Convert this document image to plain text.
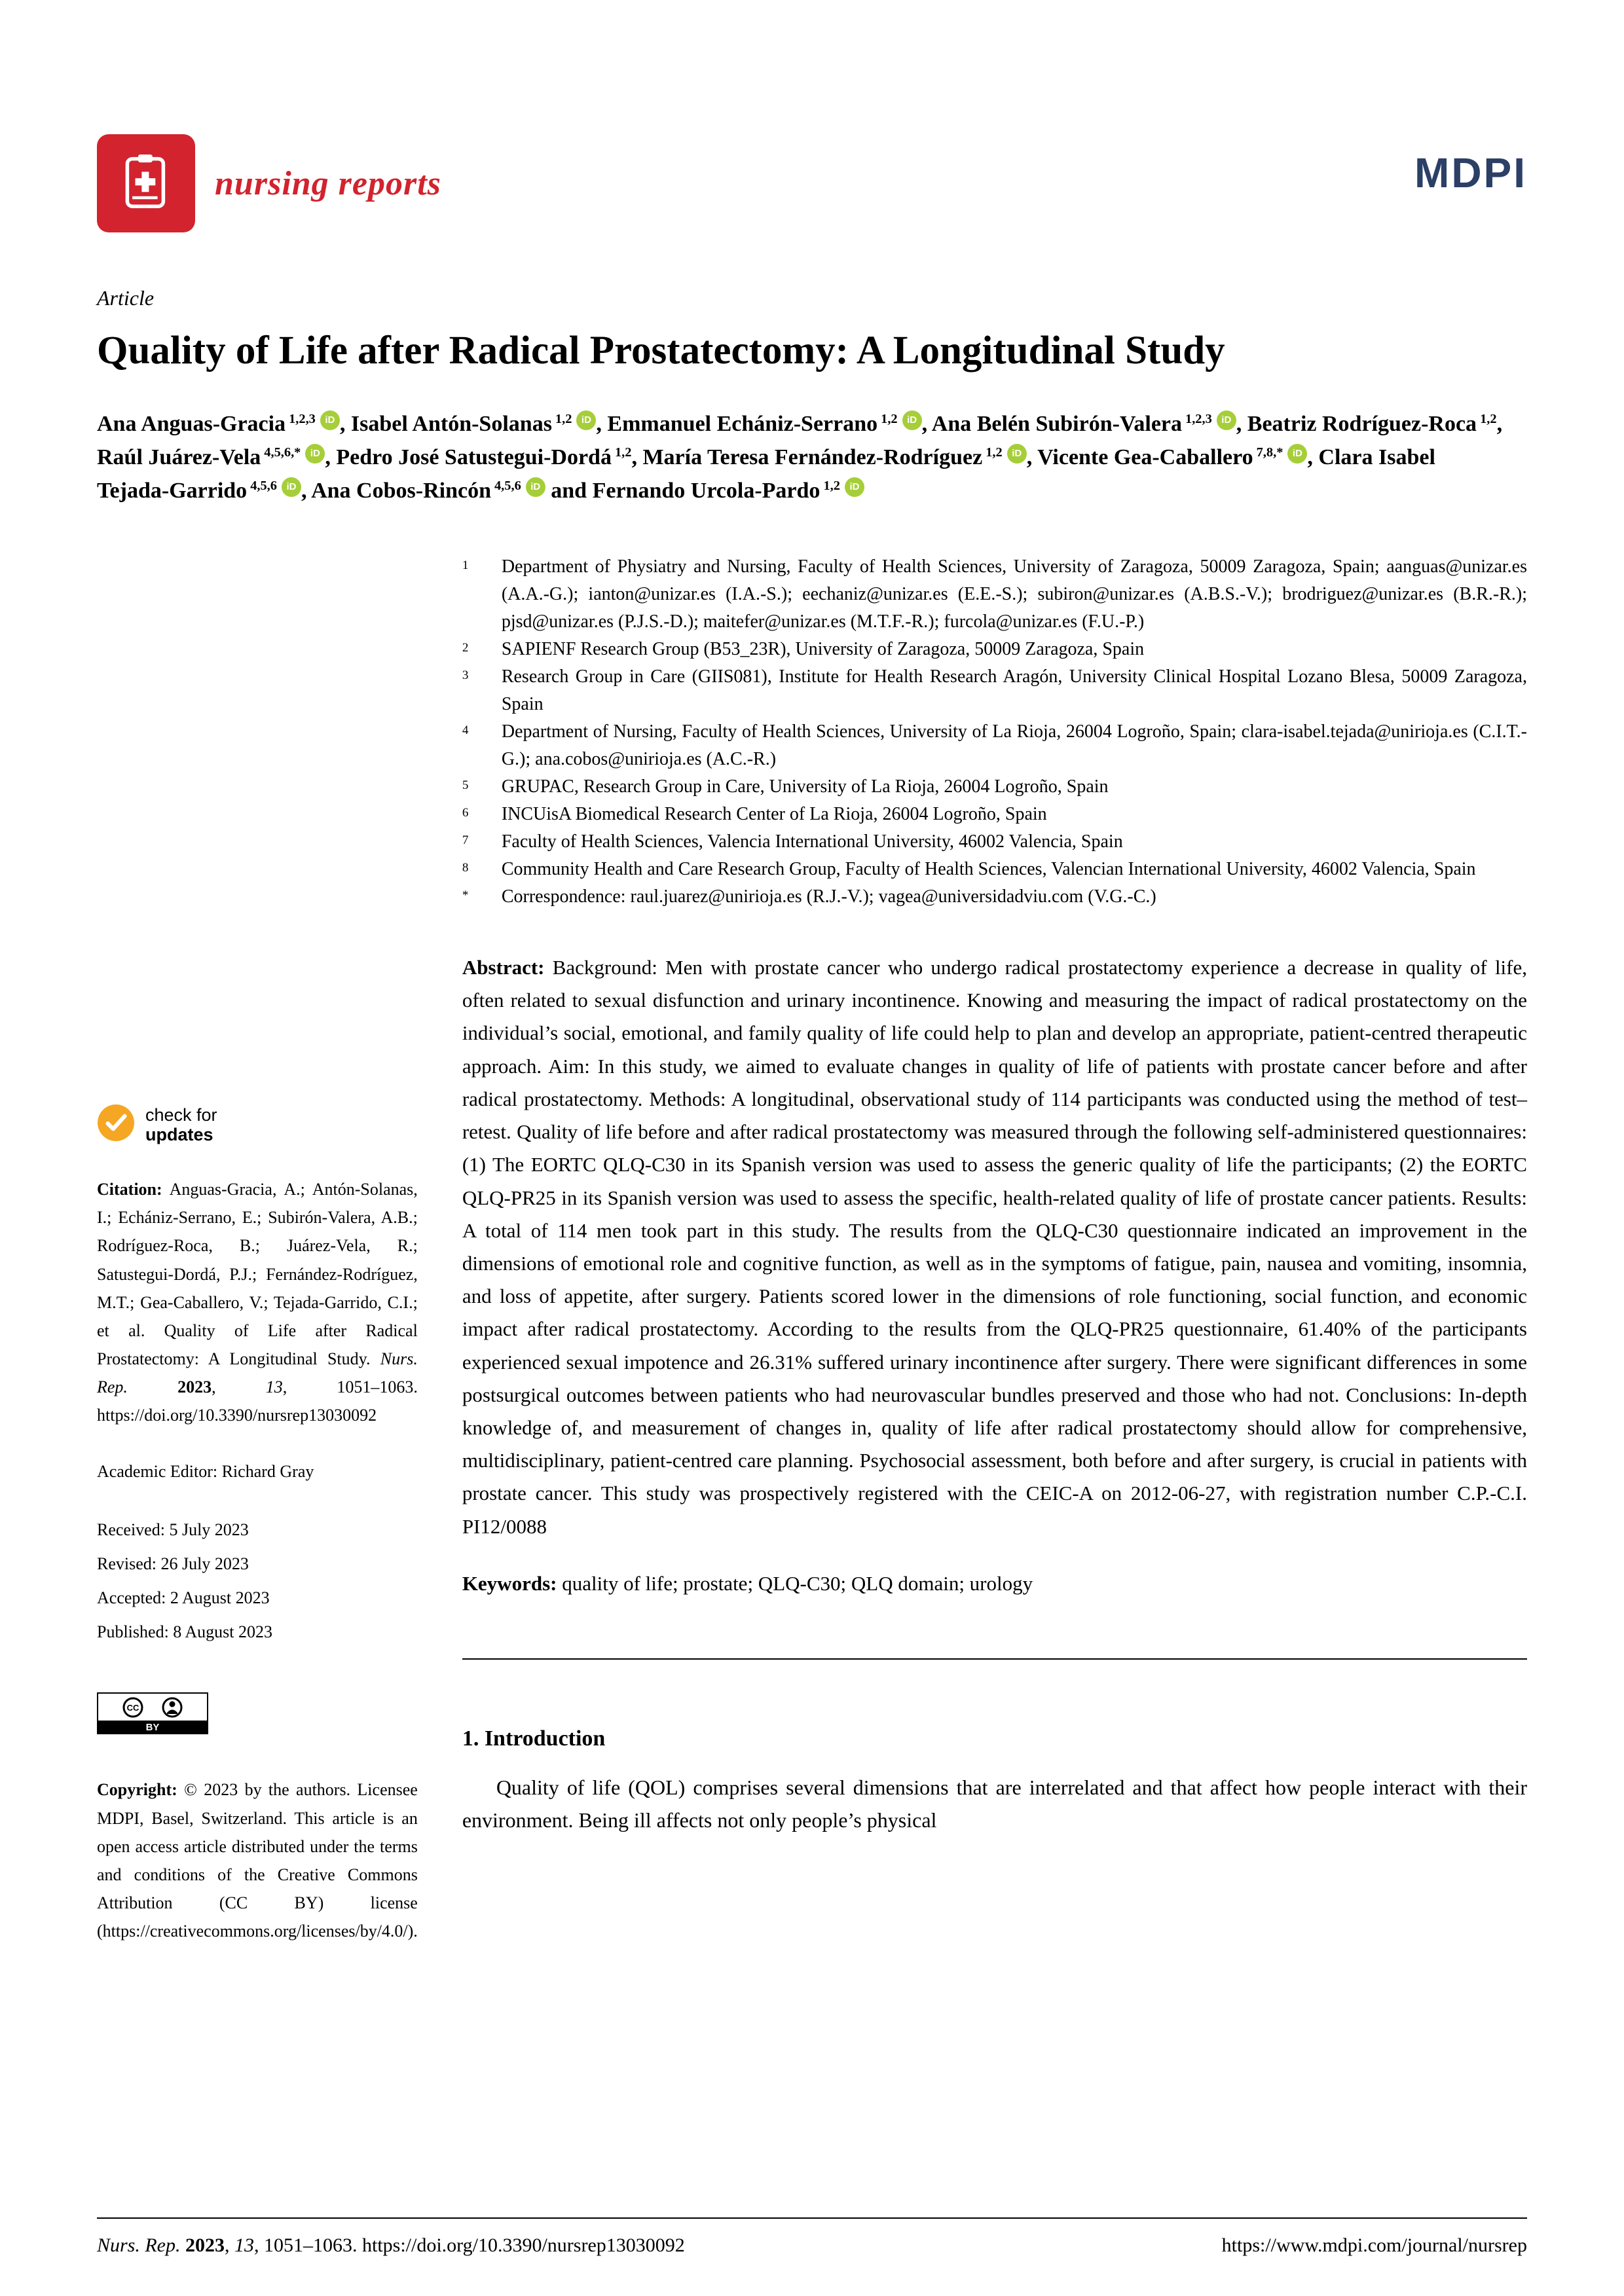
nursing reports	MDPI
Article
Quality of Life after Radical Prostatectomy: A Longitudinal Study

Ana Anguas-Gracia $^{1,2,3}$ iD , Isabel Antón-Solanas $^{1,2}$ iD , Emmanuel Echániz-Serrano $^{1,2}$ iD , Ana Belén Subirón-Valera $^{1,2,3}$ iD , Beatriz Rodríguez-Roca $^{1,2}$, Raúl Juárez-Vela $^{4,5,6,*}$ iD , Pedro José Satustegui-Dordá $^{1,2}$, María Teresa Fernández-Rodríguez $^{1,2}$ iD , Vicente Gea-Caballero $^{7,8,*}$ iD , Clara Isabel Tejada-Garrido $^{4,5,6}$ iD , Ana Cobos-Rincón $^{4,5,6}$ iD and Fernando Urcola-Pardo $^{1,2}$ iD

check for
updates

Citation: Anguas-Gracia, A.; Antón-Solanas, I.; Echániz-Serrano, E.; Subirón-Valera, A.B.; Rodríguez-Roca, B.; Juárez-Vela, R.; Satustegui-Dordá, P.J.; Fernández-Rodríguez, M.T.; Gea-Caballero, V.; Tejada-Garrido, C.I.; et al. Quality of Life after Radical Prostatectomy: A Longitudinal Study. Nurs. Rep.	2023, 13, 1051–1063. https://doi.org/10.3390/nursrep13030092

Academic Editor: Richard Gray

Received: 5 July 2023
Revised: 26 July 2023
Accepted: 2 August 2023
Published: 8 August 2023
BY
CC

Copyright: © 2023 by the authors. Licensee MDPI, Basel, Switzerland. This article is an open access article distributed under the terms and conditions of the Creative Commons Attribution (CC BY) license (https://creativecommons.org/licenses/by/4.0/).

1	Department of Physiatry and Nursing, Faculty of Health Sciences, University of Zaragoza, 50009 Zaragoza, Spain; aanguas@unizar.es (A.A.-G.); ianton@unizar.es (I.A.-S.); eechaniz@unizar.es (E.E.-S.); subiron@unizar.es (A.B.S.-V.); brodriguez@unizar.es (B.R.-R.); pjsd@unizar.es (P.J.S.-D.); maitefer@unizar.es (M.T.F.-R.); furcola@unizar.es (F.U.-P.)
2	SAPIENF Research Group (B53_23R), University of Zaragoza, 50009 Zaragoza, Spain
3	Research Group in Care (GIIS081), Institute for Health Research Aragón, University Clinical Hospital Lozano Blesa, 50009 Zaragoza, Spain
4	Department of Nursing, Faculty of Health Sciences, University of La Rioja, 26004 Logroño, Spain; clara-isabel.tejada@unirioja.es (C.I.T.-G.); ana.cobos@unirioja.es (A.C.-R.)
5	GRUPAC, Research Group in Care, University of La Rioja, 26004 Logroño, Spain
6	INCUisA Biomedical Research Center of La Rioja, 26004 Logroño, Spain
7	Faculty of Health Sciences, Valencia International University, 46002 Valencia, Spain
8	Community Health and Care Research Group, Faculty of Health Sciences, Valencian International University, 46002 Valencia, Spain
*	Correspondence: raul.juarez@unirioja.es (R.J.-V.); vagea@universidadviu.com (V.G.-C.)

Abstract: Background: Men with prostate cancer who undergo radical prostatectomy experience a decrease in quality of life, often related to sexual disfunction and urinary incontinence. Knowing and measuring the impact of radical prostatectomy on the individual’s social, emotional, and family quality of life could help to plan and develop an appropriate, patient-centred therapeutic approach. Aim: In this study, we aimed to evaluate changes in quality of life of patients with prostate cancer before and after radical prostatectomy. Methods: A longitudinal, observational study of 114 participants was conducted using the method of test–retest. Quality of life before and after radical prostatectomy was measured through the following self-administered questionnaires: (1) The EORTC QLQ-C30 in its Spanish version was used to assess the generic quality of life the participants; (2) the EORTC QLQ-PR25 in its Spanish version was used to assess the specific, health-related quality of life of prostate cancer patients. Results: A total of 114 men took part in this study. The results from the QLQ-C30 questionnaire indicated an improvement in the dimensions of emotional role and cognitive function, as well as in the symptoms of fatigue, pain, nausea and vomiting, insomnia, and loss of appetite, after surgery. Patients scored lower in the dimensions of role functioning, social function, and economic impact after radical prostatectomy. According to the results from the QLQ-PR25 questionnaire, 61.40% of the participants experienced sexual impotence and 26.31% suffered urinary incontinence after surgery. There were significant differences in some postsurgical outcomes between patients who had neurovascular bundles preserved and those who had not. Conclusions: In-depth knowledge of, and measurement of changes in, quality of life after radical prostatectomy should allow for comprehensive, multidisciplinary, patient-centred care planning. Psychosocial assessment, both before and after surgery, is crucial in patients with prostate cancer. This study was prospectively registered with the CEIC-A on 2012-06-27, with registration number C.P.-C.I. PI12/0088

Keywords: quality of life; prostate; QLQ-C30; QLQ domain; urology

1. Introduction

Quality of life (QOL) comprises several dimensions that are interrelated and that affect how people interact with their environment. Being ill affects not only people’s physical

Nurs. Rep. 2023, 13, 1051–1063. https://doi.org/10.3390/nursrep13030092	https://www.mdpi.com/journal/nursrep
